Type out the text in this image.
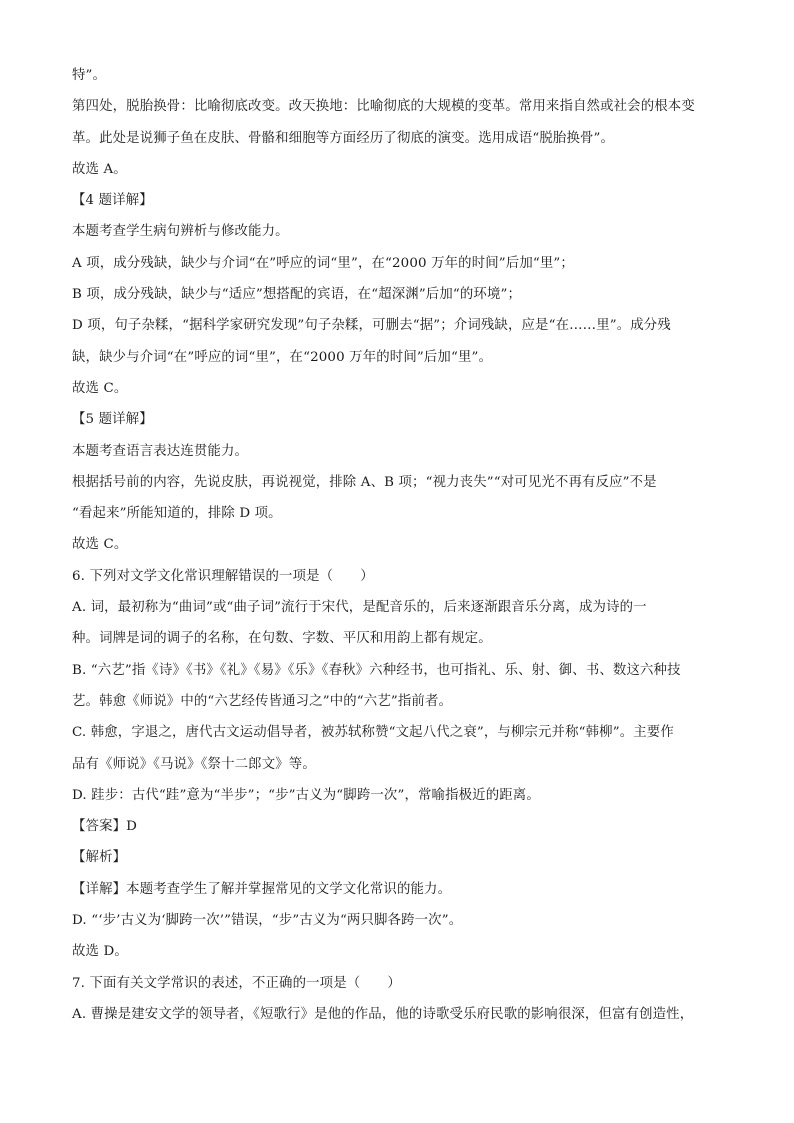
特”。
第四处，脱胎换骨：比喻彻底改变。改天换地：比喻彻底的大规模的变革。常用来指自然或社会的根本变
革。此处是说狮子鱼在皮肤、骨骼和细胞等方面经历了彻底的演变。选用成语“脱胎换骨”。
故选 A。
【4 题详解】
本题考查学生病句辨析与修改能力。
A 项，成分残缺，缺少与介词“在”呼应的词“里”，在“2000 万年的时间”后加“里”；
B 项，成分残缺，缺少与“适应”想搭配的宾语，在“超深渊”后加“的环境”；
D 项，句子杂糅，“据科学家研究发现”句子杂糅，可删去“据”；介词残缺，应是“在……里”。成分残
缺，缺少与介词“在”呼应的词“里”，在“2000 万年的时间”后加“里”。
故选 C。
【5 题详解】
本题考查语言表达连贯能力。
根据括号前的内容，先说皮肤，再说视觉，排除 A、B 项；“视力丧失”“对可见光不再有反应”不是
“看起来”所能知道的，排除 D 项。
故选 C。
6. 下列对文学文化常识理解错误的一项是（　　）
A. 词，最初称为“曲词”或“曲子词”流行于宋代，是配音乐的，后来逐渐跟音乐分离，成为诗的一
种。词牌是词的调子的名称，在句数、字数、平仄和用韵上都有规定。
B. “六艺”指《诗》《书》《礼》《易》《乐》《春秋》六种经书，也可指礼、乐、射、御、书、数这六种技
艺。韩愈《师说》中的“六艺经传皆通习之”中的“六艺”指前者。
C. 韩愈，字退之，唐代古文运动倡导者，被苏轼称赞“文起八代之衰”，与柳宗元并称“韩柳”。主要作
品有《师说》《马说》《祭十二郎文》等。
D. 跬步：古代“跬”意为“半步”；“步”古义为“脚跨一次”，常喻指极近的距离。
【答案】D
【解析】
【详解】本题考查学生了解并掌握常见的文学文化常识的能力。
D. “‘步’古义为‘脚跨一次’”错误，“步”古义为“两只脚各跨一次”。
故选 D。
7. 下面有关文学常识的表述，不正确的一项是（　　）
A. 曹操是建安文学的领导者，《短歌行》是他的作品，他的诗歌受乐府民歌的影响很深，但富有创造性，
